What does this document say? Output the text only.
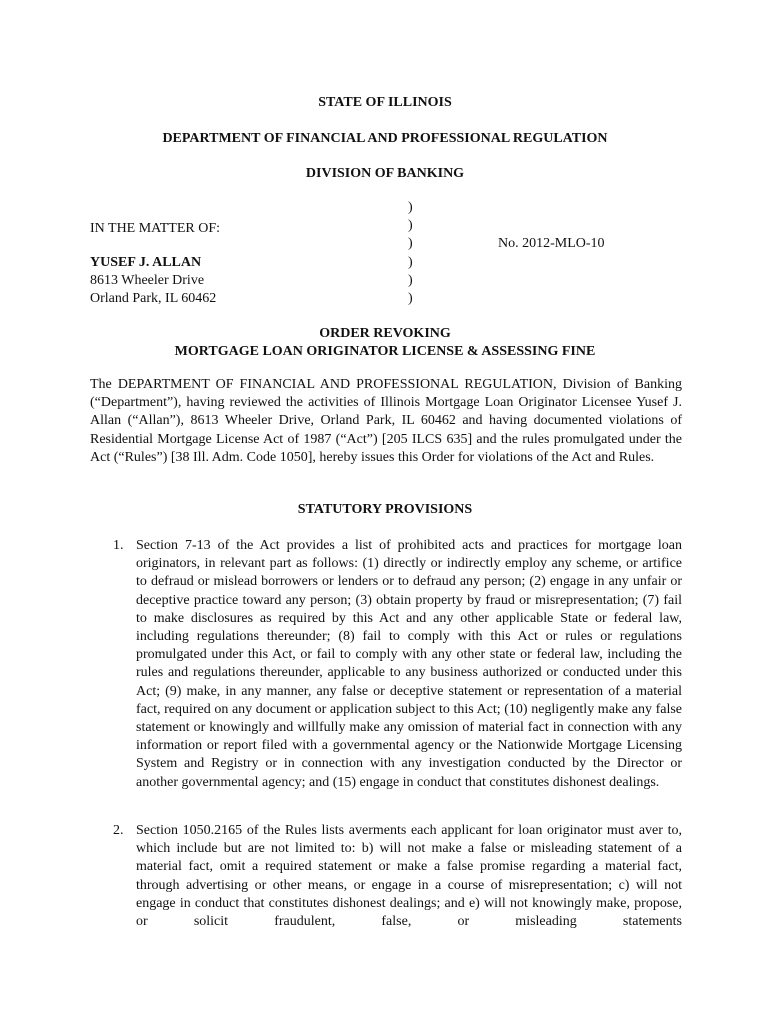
STATE OF ILLINOIS
DEPARTMENT OF FINANCIAL AND PROFESSIONAL REGULATION
DIVISION OF BANKING
IN THE MATTER OF:
YUSEF J. ALLAN
8613 Wheeler Drive
Orland Park, IL 60462
)
)
)
)
)
)
No. 2012-MLO-10
ORDER REVOKING
MORTGAGE LOAN ORIGINATOR LICENSE & ASSESSING FINE
The DEPARTMENT OF FINANCIAL AND PROFESSIONAL REGULATION, Division of Banking (“Department”), having reviewed the activities of Illinois Mortgage Loan Originator Licensee Yusef J. Allan (“Allan”), 8613 Wheeler Drive, Orland Park, IL 60462 and having documented violations of Residential Mortgage License Act of 1987 (“Act”) [205 ILCS 635] and the rules promulgated under the Act (“Rules”) [38 Ill. Adm. Code 1050], hereby issues this Order for violations of the Act and Rules.
STATUTORY PROVISIONS
1. Section 7-13 of the Act provides a list of prohibited acts and practices for mortgage loan originators, in relevant part as follows: (1) directly or indirectly employ any scheme, or artifice to defraud or mislead borrowers or lenders or to defraud any person; (2) engage in any unfair or deceptive practice toward any person; (3) obtain property by fraud or misrepresentation; (7) fail to make disclosures as required by this Act and any other applicable State or federal law, including regulations thereunder; (8) fail to comply with this Act or rules or regulations promulgated under this Act, or fail to comply with any other state or federal law, including the rules and regulations thereunder, applicable to any business authorized or conducted under this Act; (9) make, in any manner, any false or deceptive statement or representation of a material fact, required on any document or application subject to this Act; (10) negligently make any false statement or knowingly and willfully make any omission of material fact in connection with any information or report filed with a governmental agency or the Nationwide Mortgage Licensing System and Registry or in connection with any investigation conducted by the Director or another governmental agency; and (15) engage in conduct that constitutes dishonest dealings.
2. Section 1050.2165 of the Rules lists averments each applicant for loan originator must aver to, which include but are not limited to: b) will not make a false or misleading statement of a material fact, omit a required statement or make a false promise regarding a material fact, through advertising or other means, or engage in a course of misrepresentation; c) will not engage in conduct that constitutes dishonest dealings; and e) will not knowingly make, propose, or solicit fraudulent, false, or misleading statements
